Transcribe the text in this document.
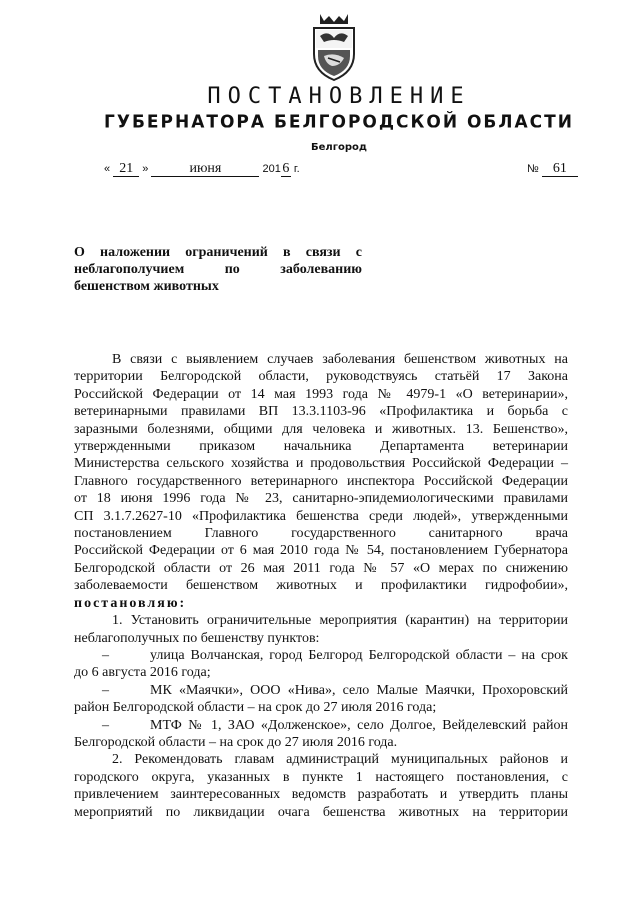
ПОСТАНОВЛЕНИЕ
ГУБЕРНАТОРА БЕЛГОРОДСКОЙ ОБЛАСТИ
Белгород
« 21 »	июня	201 6 г.	№ 61
О наложении ограничений в связи с
неблагополучием по заболеванию
бешенством животных
В связи с выявлением случаев заболевания бешенством животных на
территории Белгородской области, руководствуясь статьёй 17 Закона
Российской Федерации от 14 мая 1993 года № 4979-1 «О ветеринарии»,
ветеринарными правилами ВП 13.3.1103-96 «Профилактика и борьба с
заразными болезнями, общими для человека и животных. 13. Бешенство»,
утвержденными приказом начальника Департамента ветеринарии
Министерства сельского хозяйства и продовольствия Российской Федерации –
Главного государственного ветеринарного инспектора Российской Федерации
от 18 июня 1996 года № 23, санитарно-эпидемиологическими правилами
СП 3.1.7.2627-10 «Профилактика бешенства среди людей», утвержденными
постановлением Главного государственного санитарного врача
Российской Федерации от 6 мая 2010 года № 54, постановлением Губернатора
Белгородской области от 26 мая 2011 года № 57 «О мерах по снижению
заболеваемости бешенством животных и профилактики гидрофобии»,
постановляю:
1. Установить ограничительные мероприятия (карантин) на территории
неблагополучных по бешенству пунктов:
–	улица Волчанская, город Белгород Белгородской области – на срок
до 6 августа 2016 года;
–	МК «Маячки», ООО «Нива», село Малые Маячки, Прохоровский
район Белгородской области – на срок до 27 июля 2016 года;
–	МТФ № 1, ЗАО «Долженское», село Долгое, Вейделевский район
Белгородской области – на срок до 27 июля 2016 года.
2. Рекомендовать главам администраций муниципальных районов и
городского округа, указанных в пункте 1 настоящего постановления, с
привлечением заинтересованных ведомств разработать и утвердить планы
мероприятий по ликвидации очага бешенства животных на территории
